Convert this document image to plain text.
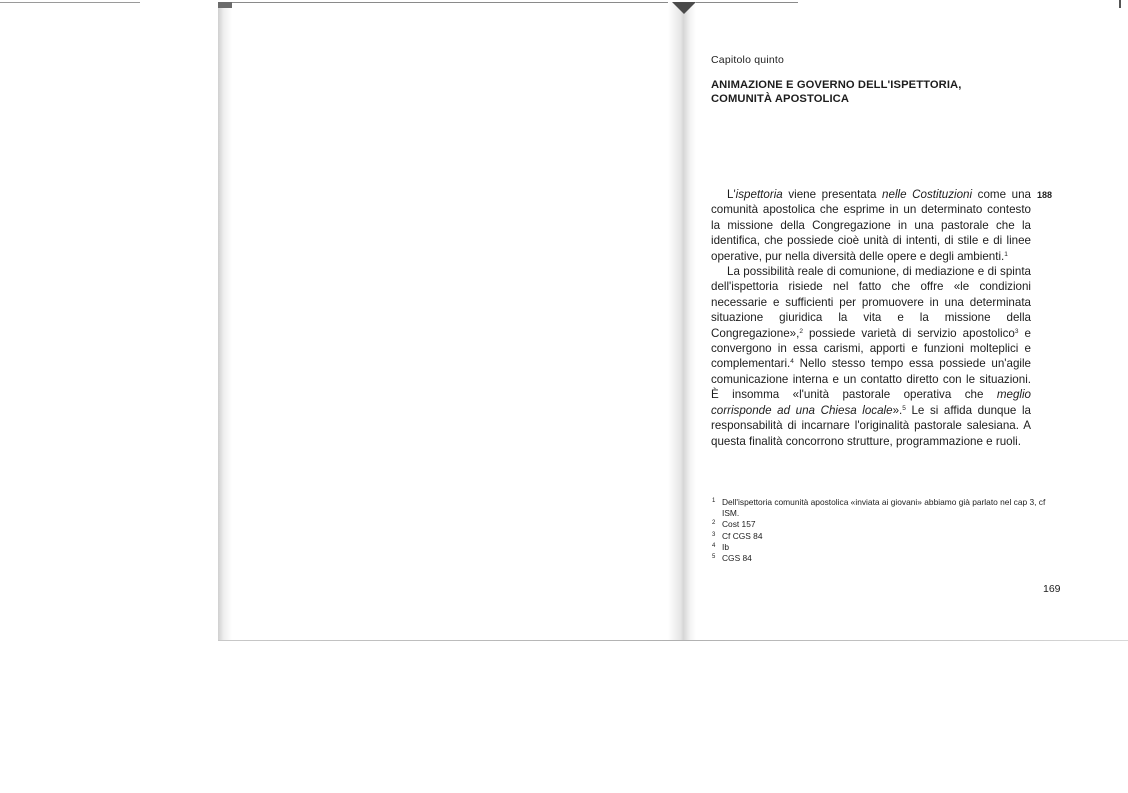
Capitolo quinto
ANIMAZIONE E GOVERNO DELL'ISPETTORIA,
COMUNITÀ APOSTOLICA

L'ispettoria viene presentata nelle Costituzioni come una comunità apostolica che esprime in un determinato contesto la missione della Congregazione in una pastorale che la identifica, che possiede cioè unità di intenti, di stile e di linee operative, pur nella diversità delle opere e degli ambienti.$^1$

La possibilità reale di comunione, di mediazione e di spinta dell'ispettoria risiede nel fatto che offre «le condizioni necessarie e sufficienti per promuovere in una determinata situazione giuridica la vita e la missione della Congregazione»,$^2$ possiede varietà di servizio apostolico$^3$ e convergono in essa carismi, apporti e funzioni molteplici e complementari.$^4$ Nello stesso tempo essa possiede un'agile comunicazione interna e un contatto diretto con le situazioni. È insomma «l'unità pastorale operativa che meglio corrisponde ad una Chiesa locale».$^5$ Le si affida dunque la responsabilità di incarnare l'originalità pastorale salesiana. A questa finalità concorrono strutture, programmazione e ruoli.

188
1 Dell'ispettoria comunità apostolica «inviata ai giovani» abbiamo già parlato nel cap 3, cf ISM.
2 Cost 157
3 Cf CGS 84
4 Ib
5 CGS 84
169
